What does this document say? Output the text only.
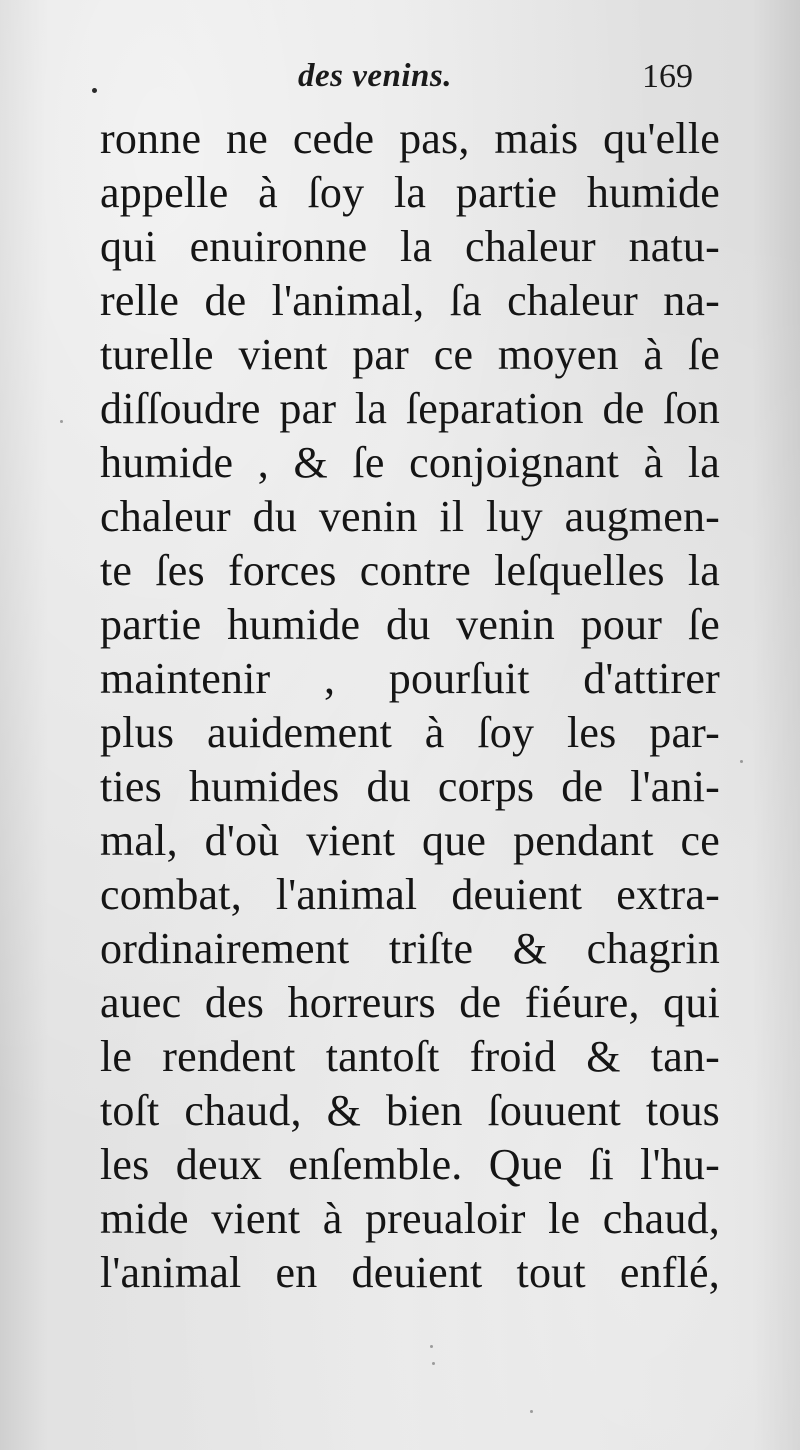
des venins.	169
ronne ne cede pas, mais qu'elle
appelle à ſoy la partie humide
qui enuironne la chaleur natu-
relle de l'animal, ſa chaleur na-
turelle vient par ce moyen à ſe
diſſoudre par la ſeparation de ſon
humide , & ſe conjoignant à la
chaleur du venin il luy augmen-
te ſes forces contre leſquelles la
partie humide du venin pour ſe
maintenir , pourſuit d'attirer
plus auidement à ſoy les par-
ties humides du corps de l'ani-
mal, d'où vient que pendant ce
combat, l'animal deuient extra-
ordinairement triſte & chagrin
auec des horreurs de fiéure, qui
le rendent tantoſt froid & tan-
toſt chaud, & bien ſouuent tous
les deux enſemble. Que ſi l'hu-
mide vient à preualoir le chaud,
l'animal en deuient tout enflé,
